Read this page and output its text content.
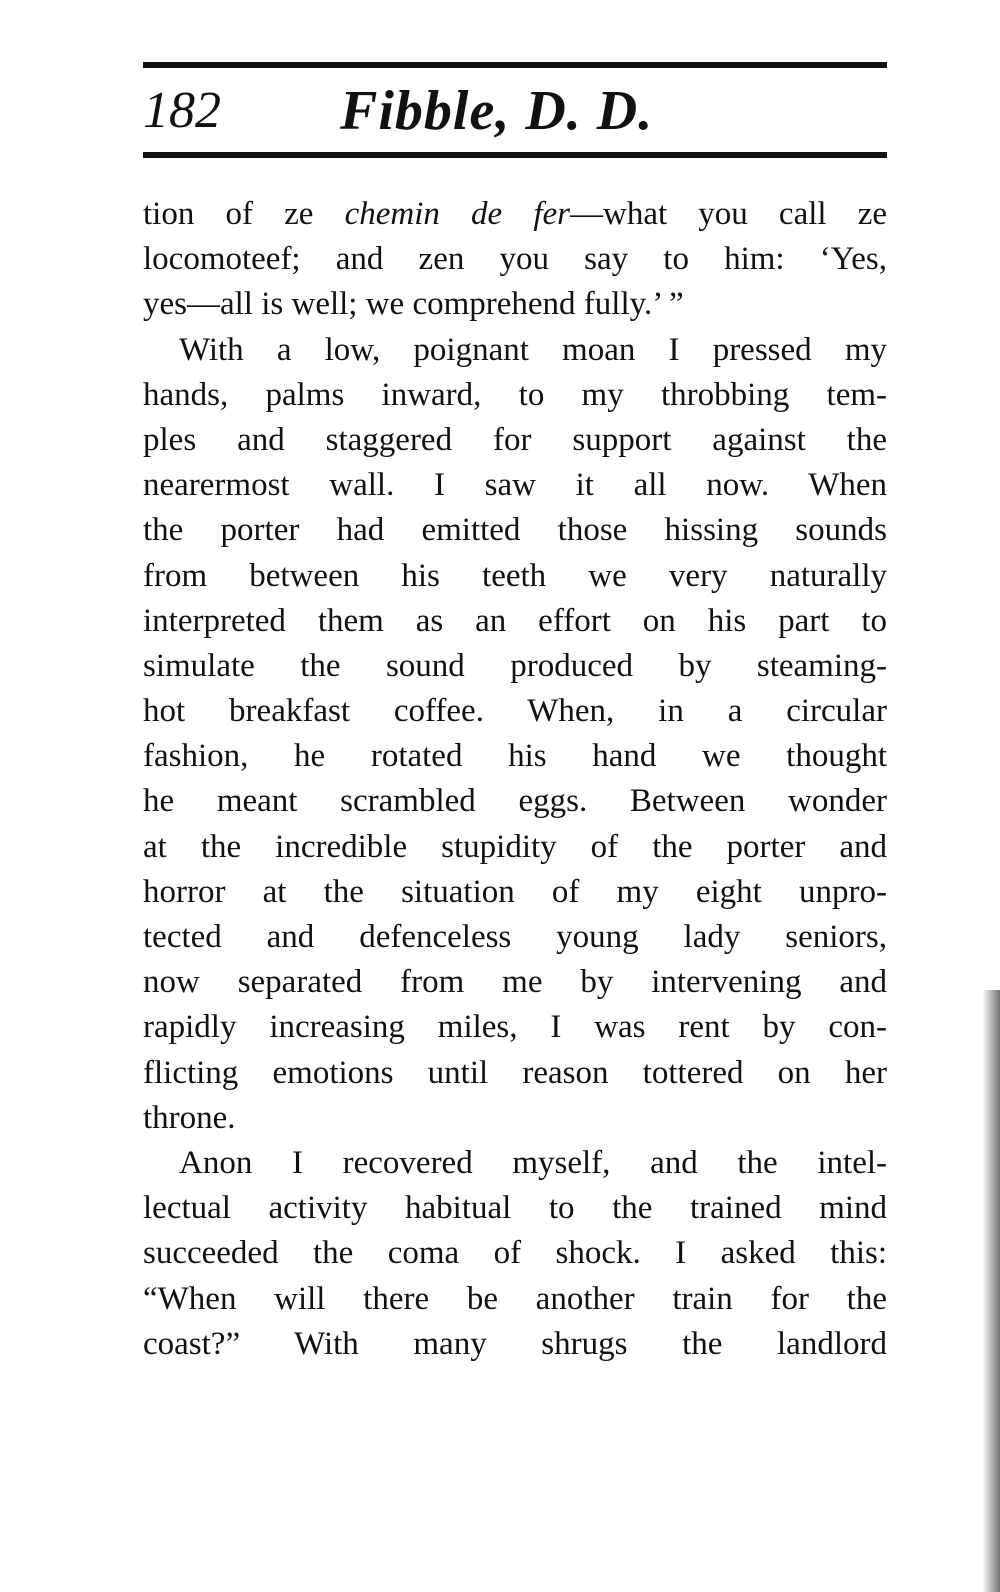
182 Fibble, D. D.
tion of ze chemin de fer—what you call ze
locomoteef; and zen you say to him: ‘Yes,
yes—all is well; we comprehend fully.’ ”
With a low, poignant moan I pressed my
hands, palms inward, to my throbbing tem-
ples and staggered for support against the
nearermost wall. I saw it all now. When
the porter had emitted those hissing sounds
from between his teeth we very naturally
interpreted them as an effort on his part to
simulate the sound produced by steaming-
hot breakfast coffee. When, in a circular
fashion, he rotated his hand we thought
he meant scrambled eggs. Between wonder
at the incredible stupidity of the porter and
horror at the situation of my eight unpro-
tected and defenceless young lady seniors,
now separated from me by intervening and
rapidly increasing miles, I was rent by con-
flicting emotions until reason tottered on her
throne.
Anon I recovered myself, and the intel-
lectual activity habitual to the trained mind
succeeded the coma of shock. I asked this:
“When will there be another train for the
coast?” With many shrugs the landlord
